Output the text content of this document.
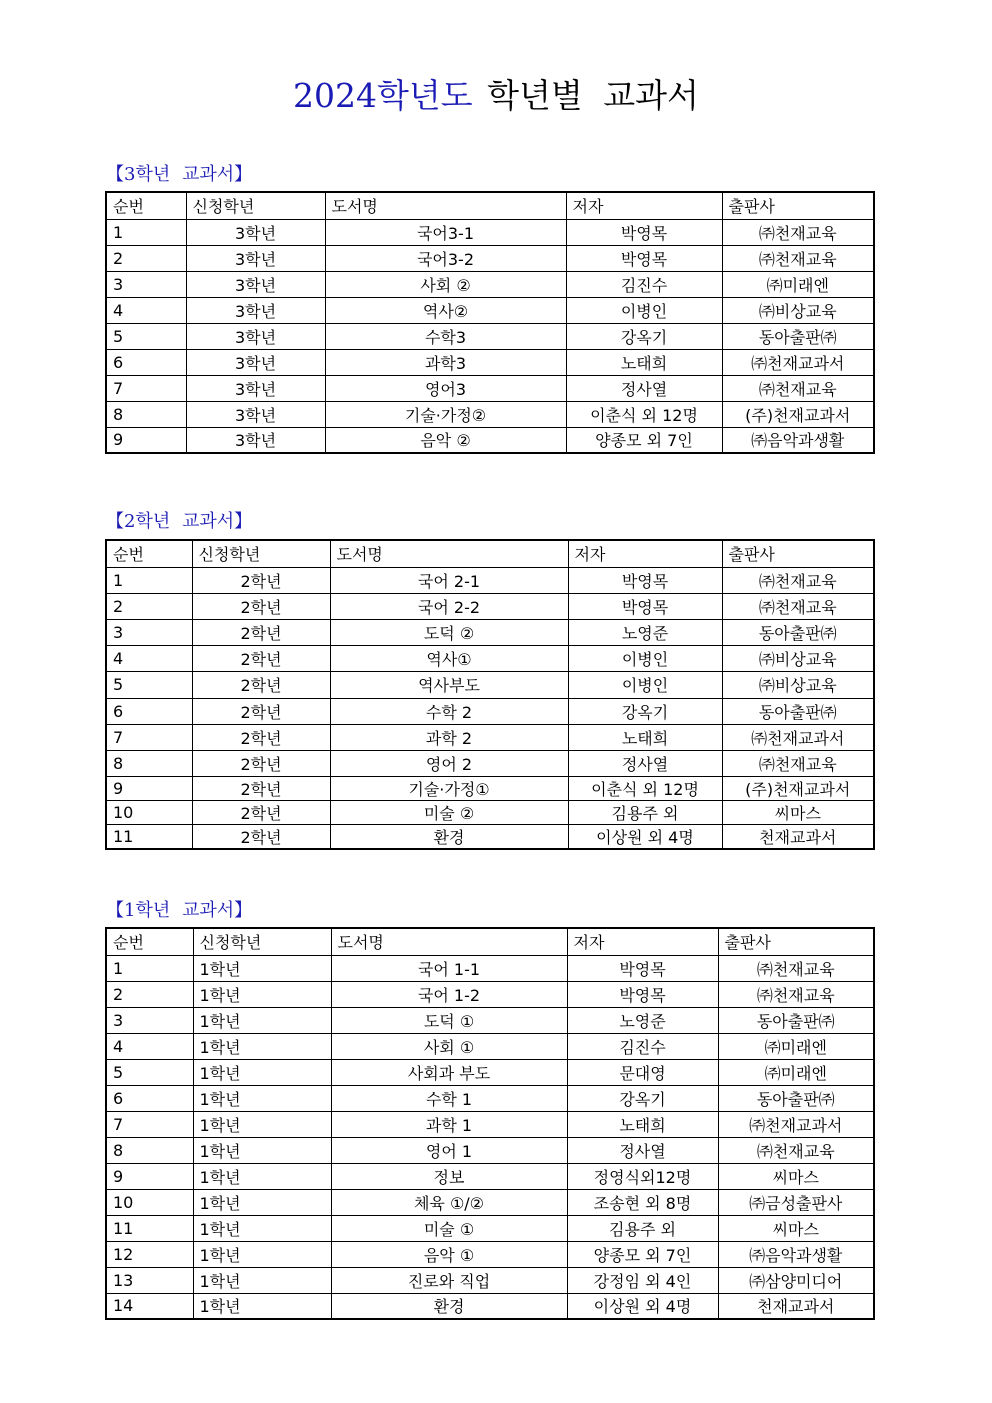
2024학년도 학년별 교과서
【3학년 교과서】
순번	신청학년	도서명	저자	출판사
1	3학년	국어3-1	박영목	㈜천재교육
2	3학년	국어3-2	박영목	㈜천재교육
3	3학년	사회 ②	김진수	㈜미래엔
4	3학년	역사②	이병인	㈜비상교육
5	3학년	수학3	강옥기	동아출판㈜
6	3학년	과학3	노태희	㈜천재교과서
7	3학년	영어3	정사열	㈜천재교육
8	3학년	기술·가정②	이춘식 외 12명	(주)천재교과서
9	3학년	음악 ②	양종모 외 7인	㈜음악과생활
【2학년 교과서】
순번	신청학년	도서명	저자	출판사
1	2학년	국어 2-1	박영목	㈜천재교육
2	2학년	국어 2-2	박영목	㈜천재교육
3	2학년	도덕 ②	노영준	동아출판㈜
4	2학년	역사①	이병인	㈜비상교육
5	2학년	역사부도	이병인	㈜비상교육
6	2학년	수학 2	강옥기	동아출판㈜
7	2학년	과학 2	노태희	㈜천재교과서
8	2학년	영어 2	정사열	㈜천재교육
9	2학년	기술·가정①	이춘식 외 12명	(주)천재교과서
10	2학년	미술 ②	김용주 외	씨마스
11	2학년	환경	이상원 외 4명	천재교과서
【1학년 교과서】
순번	신청학년	도서명	저자	출판사
1	1학년	국어 1-1	박영목	㈜천재교육
2	1학년	국어 1-2	박영목	㈜천재교육
3	1학년	도덕 ①	노영준	동아출판㈜
4	1학년	사회 ①	김진수	㈜미래엔
5	1학년	사회과 부도	문대영	㈜미래엔
6	1학년	수학 1	강옥기	동아출판㈜
7	1학년	과학 1	노태희	㈜천재교과서
8	1학년	영어 1	정사열	㈜천재교육
9	1학년	정보	정영식외12명	씨마스
10	1학년	체육 ①/②	조송현 외 8명	㈜금성출판사
11	1학년	미술 ①	김용주 외	씨마스
12	1학년	음악 ①	양종모 외 7인	㈜음악과생활
13	1학년	진로와 직업	강정임 외 4인	㈜삼양미디어
14	1학년	환경	이상원 외 4명	천재교과서
